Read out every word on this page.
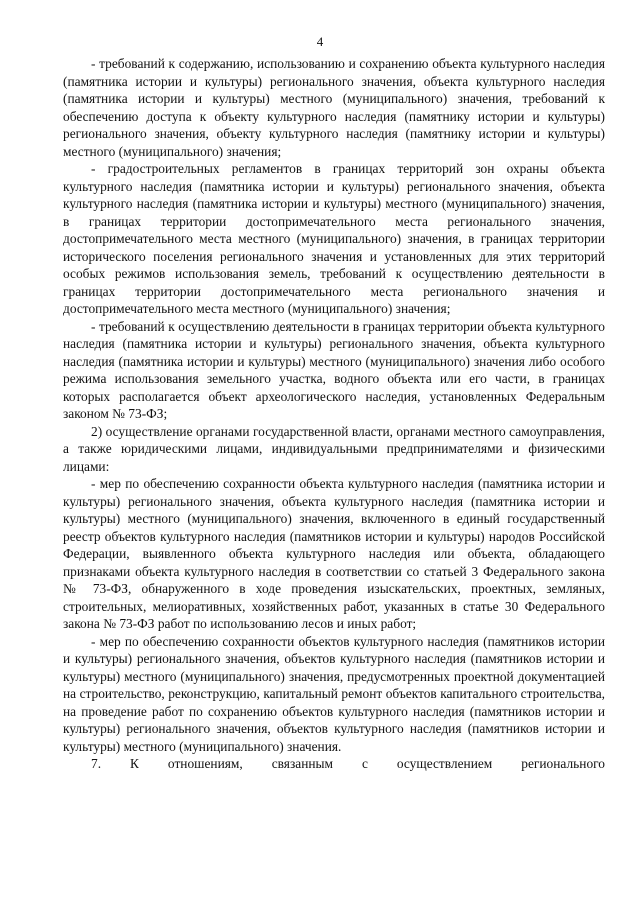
4

- требований к содержанию, использованию и сохранению объекта культурного наследия (памятника истории и культуры) регионального значения, объекта культурного наследия (памятника истории и культуры) местного (муниципального) значения, требований к обеспечению доступа к объекту культурного наследия (памятнику истории и культуры) регионального значения, объекту культурного наследия (памятнику истории и культуры) местного (муниципального) значения;

- градостроительных регламентов в границах территорий зон охраны объекта культурного наследия (памятника истории и культуры) регионального значения, объекта культурного наследия (памятника истории и культуры) местного (муниципального) значения, в границах территории достопримечательного места регионального значения, достопримечательного места местного (муниципального) значения, в границах территории исторического поселения регионального значения и установленных для этих территорий особых режимов использования земель, требований к осуществлению деятельности в границах территории достопримечательного места регионального значения и достопримечательного места местного (муниципального) значения;

- требований к осуществлению деятельности в границах территории объекта культурного наследия (памятника истории и культуры) регионального значения, объекта культурного наследия (памятника истории и культуры) местного (муниципального) значения либо особого режима использования земельного участка, водного объекта или его части, в границах которых располагается объект археологического наследия, установленных Федеральным законом № 73-ФЗ;

2) осуществление органами государственной власти, органами местного самоуправления, а также юридическими лицами, индивидуальными предпринимателями и физическими лицами:

- мер по обеспечению сохранности объекта культурного наследия (памятника истории и культуры) регионального значения, объекта культурного наследия (памятника истории и культуры) местного (муниципального) значения, включенного в единый государственный реестр объектов культурного наследия (памятников истории и культуры) народов Российской Федерации, выявленного объекта культурного наследия или объекта, обладающего признаками объекта культурного наследия в соответствии со статьей 3 Федерального закона № 73-ФЗ, обнаруженного в ходе проведения изыскательских, проектных, земляных, строительных, мелиоративных, хозяйственных работ, указанных в статье 30 Федерального закона № 73-ФЗ работ по использованию лесов и иных работ;

- мер по обеспечению сохранности объектов культурного наследия (памятников истории и культуры) регионального значения, объектов культурного наследия (памятников истории и культуры) местного (муниципального) значения, предусмотренных проектной документацией на строительство, реконструкцию, капитальный ремонт объектов капитального строительства, на проведение работ по сохранению объектов культурного наследия (памятников истории и культуры) регионального значения, объектов культурного наследия (памятников истории и культуры) местного (муниципального) значения.

7. К отношениям, связанным с осуществлением регионального
